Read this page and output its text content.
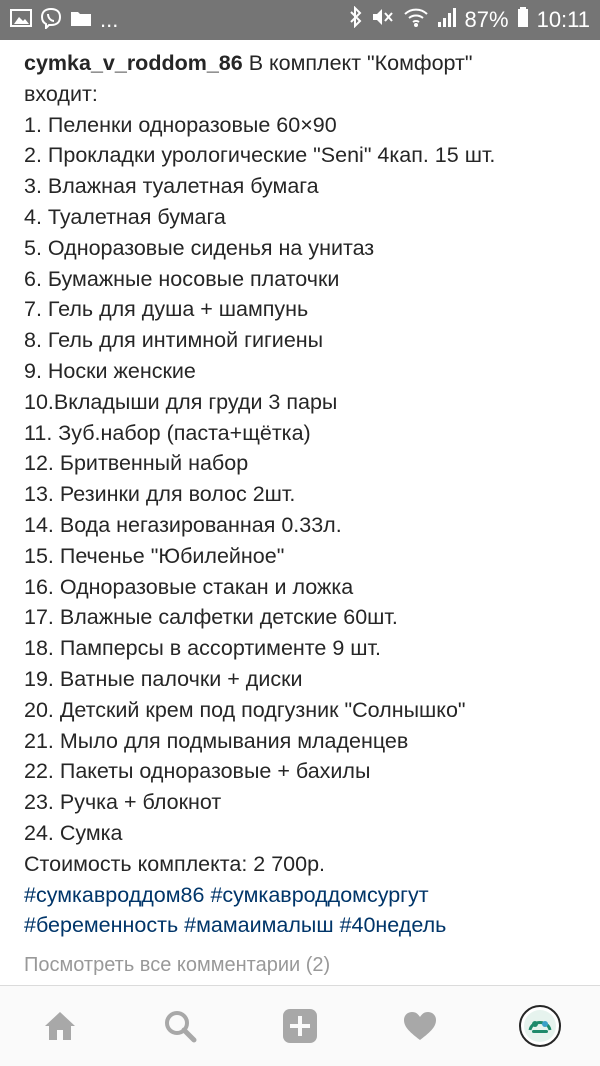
...	87% 10:11
cymka_v_roddom_86 В комплект "Комфорт"
входит:
1. Пеленки одноразовые 60×90
2. Прокладки урологические "Seni" 4кап. 15 шт.
3. Влажная туалетная бумага
4. Туалетная бумага
5. Одноразовые сиденья на унитаз
6. Бумажные носовые платочки
7. Гель для душа + шампунь
8. Гель для интимной гигиены
9. Носки женские
10.Вкладыши для груди 3 пары
11. Зуб.набор (паста+щётка)
12. Бритвенный набор
13. Резинки для волос 2шт.
14. Вода негазированная 0.33л.
15. Печенье "Юбилейное"
16. Одноразовые стакан и ложка
17. Влажные салфетки детские 60шт.
18. Памперсы в ассортименте 9 шт.
19. Ватные палочки + диски
20. Детский крем под подгузник "Солнышко"
21. Мыло для подмывания младенцев
22. Пакеты одноразовые + бахилы
23. Ручка + блокнот
24. Сумка
Стоимость комплекта: 2 700р.
#сумкавроддом86 #сумкавроддомсургут
#беременность #мамаималыш #40недель
Посмотреть все комментарии (2)
